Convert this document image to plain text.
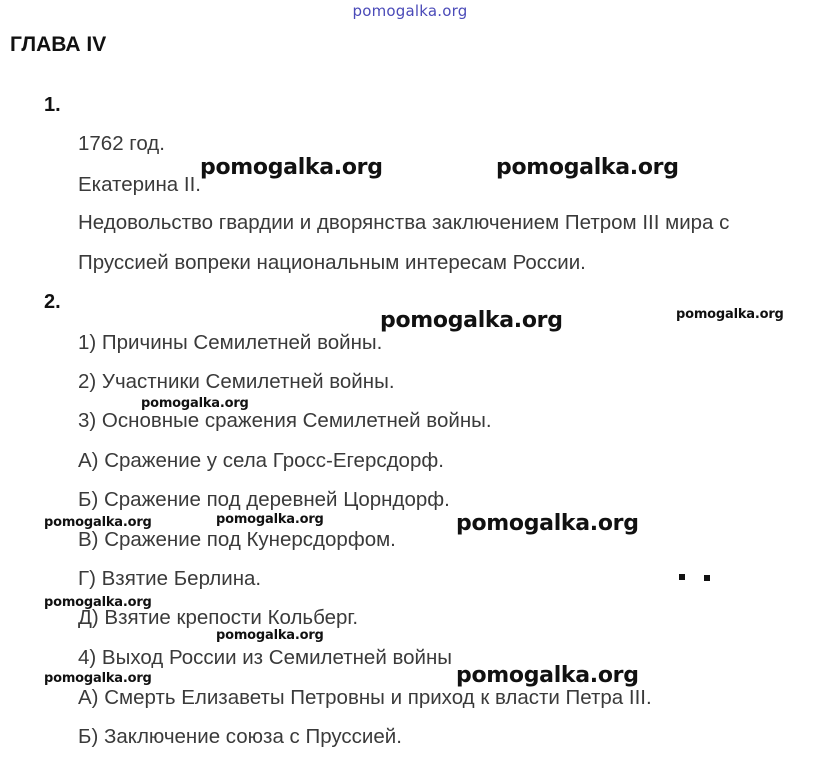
pomogalka.org
ГЛАВА IV
1.
1762 год.
Екатерина II.
Недовольство гвардии и дворянства заключением Петром III мира с
Пруссией вопреки национальным интересам России.
2.
1) Причины Семилетней войны.
2) Участники Семилетней войны.
3) Основные сражения Семилетней войны.
А) Сражение у села Гросс-Егерсдорф.
Б) Сражение под деревней Цорндорф.
В) Сражение под Кунерсдорфом.
Г) Взятие Берлина.
Д) Взятие крепости Кольберг.
4) Выход России из Семилетней войны
А) Смерть Елизаветы Петровны и приход к власти Петра III.
Б) Заключение союза с Пруссией.
pomogalka.org	pomogalka.org
pomogalka.org	pomogalka.org
pomogalka.org
pomogalka.org	pomogalka.org	pomogalka.org
pomogalka.org
pomogalka.org
pomogalka.org	pomogalka.org
